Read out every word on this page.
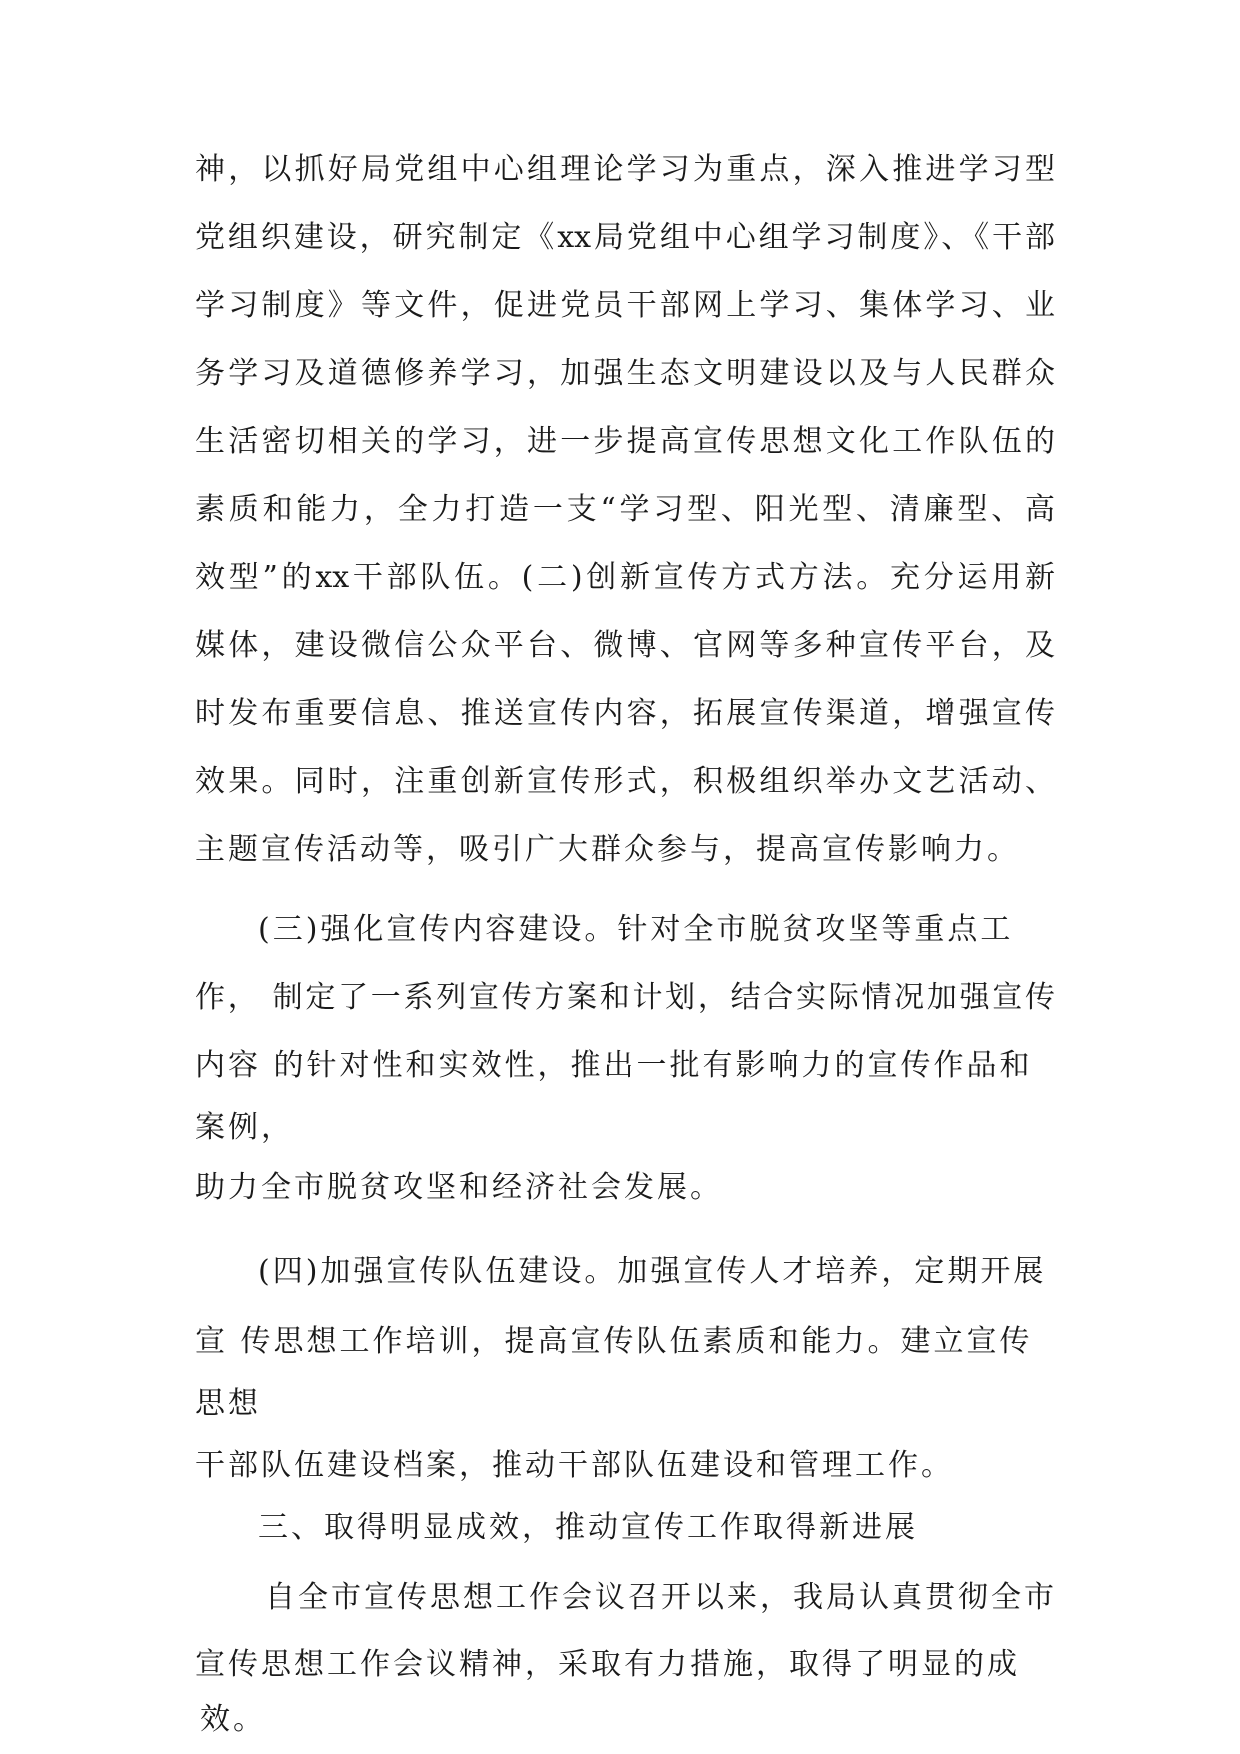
神，以抓好局党组中心组理论学习为重点，深入推进学习型
党组织建设，研究制定《xx局党组中心组学习制度》、《干部
学习制度》等文件，促进党员干部网上学习、集体学习、业
务学习及道德修养学习，加强生态文明建设以及与人民群众
生活密切相关的学习，进一步提高宣传思想文化工作队伍的
素质和能力，全力打造一支“学习型、阳光型、清廉型、高
效型”的xx干部队伍。(二)创新宣传方式方法。充分运用新
媒体，建设微信公众平台、微博、官网等多种宣传平台，及
时发布重要信息、推送宣传内容，拓展宣传渠道，增强宣传
效果。同时，注重创新宣传形式，积极组织举办文艺活动、
主题宣传活动等，吸引广大群众参与，提高宣传影响力。
(三)强化宣传内容建设。针对全市脱贫攻坚等重点工
作， 制定了一系列宣传方案和计划，结合实际情况加强宣传
内容 的针对性和实效性，推出一批有影响力的宣传作品和
案例，
助力全市脱贫攻坚和经济社会发展。
(四)加强宣传队伍建设。加强宣传人才培养，定期开展
宣 传思想工作培训，提高宣传队伍素质和能力。建立宣传
思想
干部队伍建设档案，推动干部队伍建设和管理工作。
三、取得明显成效，推动宣传工作取得新进展
自全市宣传思想工作会议召开以来，我局认真贯彻全市
宣传思想工作会议精神，采取有力措施，取得了明显的成
效。
